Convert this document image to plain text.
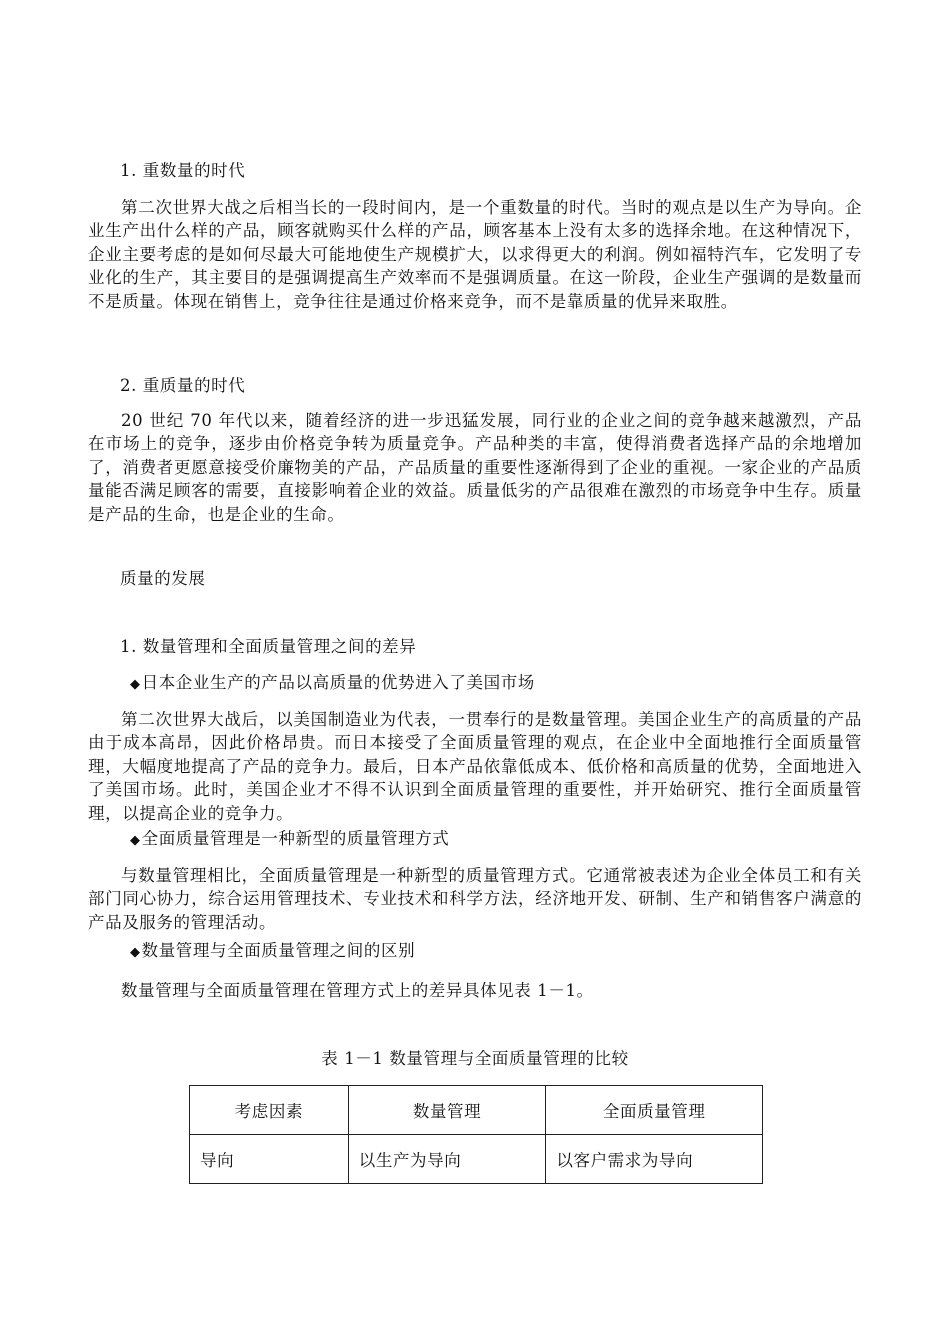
1. 重数量的时代
第二次世界大战之后相当长的一段时间内，是一个重数量的时代。当时的观点是以生产为导向。企业生产出什么样的产品，顾客就购买什么样的产品，顾客基本上没有太多的选择余地。在这种情况下，企业主要考虑的是如何尽最大可能地使生产规模扩大，以求得更大的利润。例如福特汽车，它发明了专业化的生产，其主要目的是强调提高生产效率而不是强调质量。在这一阶段，企业生产强调的是数量而不是质量。体现在销售上，竞争往往是通过价格来竞争，而不是靠质量的优异来取胜。
2. 重质量的时代
20 世纪 70 年代以来，随着经济的进一步迅猛发展，同行业的企业之间的竞争越来越激烈，产品在市场上的竞争，逐步由价格竞争转为质量竞争。产品种类的丰富，使得消费者选择产品的余地增加了，消费者更愿意接受价廉物美的产品，产品质量的重要性逐渐得到了企业的重视。一家企业的产品质量能否满足顾客的需要，直接影响着企业的效益。质量低劣的产品很难在激烈的市场竞争中生存。质量是产品的生命，也是企业的生命。
质量的发展
1. 数量管理和全面质量管理之间的差异
◆日本企业生产的产品以高质量的优势进入了美国市场
第二次世界大战后，以美国制造业为代表，一贯奉行的是数量管理。美国企业生产的高质量的产品由于成本高昂，因此价格昂贵。而日本接受了全面质量管理的观点，在企业中全面地推行全面质量管理，大幅度地提高了产品的竞争力。最后，日本产品依靠低成本、低价格和高质量的优势，全面地进入了美国市场。此时，美国企业才不得不认识到全面质量管理的重要性，并开始研究、推行全面质量管理，以提高企业的竞争力。
◆全面质量管理是一种新型的质量管理方式
与数量管理相比，全面质量管理是一种新型的质量管理方式。它通常被表述为企业全体员工和有关部门同心协力，综合运用管理技术、专业技术和科学方法，经济地开发、研制、生产和销售客户满意的产品及服务的管理活动。
◆数量管理与全面质量管理之间的区别
数量管理与全面质量管理在管理方式上的差异具体见表 1－1。
表 1－1 数量管理与全面质量管理的比较
考虑因素	数量管理	全面质量管理
导向	以生产为导向	以客户需求为导向
